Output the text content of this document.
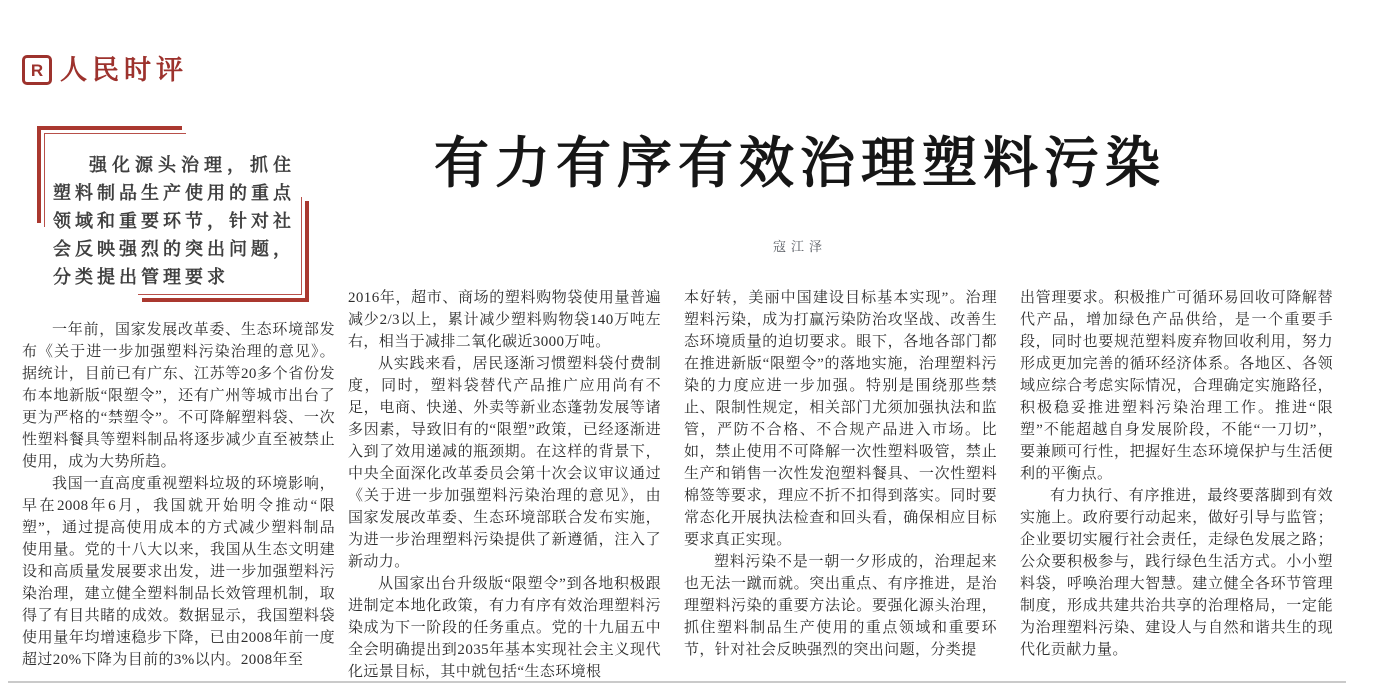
R 人民时评

强化源头治理，抓住塑料制品生产使用的重点领域和重要环节，针对社会反映强烈的突出问题，分类提出管理要求

有力有序有效治理塑料污染
寇江泽

一年前，国家发展改革委、生态环境部发布《关于进一步加强塑料污染治理的意见》。据统计，目前已有广东、江苏等20多个省份发布本地新版“限塑令”，还有广州等城市出台了更为严格的“禁塑令”。不可降解塑料袋、一次性塑料餐具等塑料制品将逐步减少直至被禁止使用，成为大势所趋。

我国一直高度重视塑料垃圾的环境影响，早在2008年6月，我国就开始明令推动“限塑”，通过提高使用成本的方式减少塑料制品使用量。党的十八大以来，我国从生态文明建设和高质量发展要求出发，进一步加强塑料污染治理，建立健全塑料制品长效管理机制，取得了有目共睹的成效。数据显示，我国塑料袋使用量年均增速稳步下降，已由2008年前一度超过20%下降为目前的3%以内。2008年至

2016年，超市、商场的塑料购物袋使用量普遍减少2/3以上，累计减少塑料购物袋140万吨左右，相当于减排二氧化碳近3000万吨。

从实践来看，居民逐渐习惯塑料袋付费制度，同时，塑料袋替代产品推广应用尚有不足，电商、快递、外卖等新业态蓬勃发展等诸多因素，导致旧有的“限塑”政策，已经逐渐进入到了效用递减的瓶颈期。在这样的背景下，中央全面深化改革委员会第十次会议审议通过《关于进一步加强塑料污染治理的意见》，由国家发展改革委、生态环境部联合发布实施，为进一步治理塑料污染提供了新遵循，注入了新动力。

从国家出台升级版“限塑令”到各地积极跟进制定本地化政策，有力有序有效治理塑料污染成为下一阶段的任务重点。党的十九届五中全会明确提出到2035年基本实现社会主义现代化远景目标，其中就包括“生态环境根

本好转，美丽中国建设目标基本实现”。治理塑料污染，成为打赢污染防治攻坚战、改善生态环境质量的迫切要求。眼下，各地各部门都在推进新版“限塑令”的落地实施，治理塑料污染的力度应进一步加强。特别是围绕那些禁止、限制性规定，相关部门尤须加强执法和监管，严防不合格、不合规产品进入市场。比如，禁止使用不可降解一次性塑料吸管，禁止生产和销售一次性发泡塑料餐具、一次性塑料棉签等要求，理应不折不扣得到落实。同时要常态化开展执法检查和回头看，确保相应目标要求真正实现。

塑料污染不是一朝一夕形成的，治理起来也无法一蹴而就。突出重点、有序推进，是治理塑料污染的重要方法论。要强化源头治理，抓住塑料制品生产使用的重点领域和重要环节，针对社会反映强烈的突出问题，分类提

出管理要求。积极推广可循环易回收可降解替代产品，增加绿色产品供给，是一个重要手段，同时也要规范塑料废弃物回收利用，努力形成更加完善的循环经济体系。各地区、各领域应综合考虑实际情况，合理确定实施路径，积极稳妥推进塑料污染治理工作。推进“限塑”不能超越自身发展阶段，不能“一刀切”，要兼顾可行性，把握好生态环境保护与生活便利的平衡点。

有力执行、有序推进，最终要落脚到有效实施上。政府要行动起来，做好引导与监管；企业要切实履行社会责任，走绿色发展之路；公众要积极参与，践行绿色生活方式。小小塑料袋，呼唤治理大智慧。建立健全各环节管理制度，形成共建共治共享的治理格局，一定能为治理塑料污染、建设人与自然和谐共生的现代化贡献力量。
